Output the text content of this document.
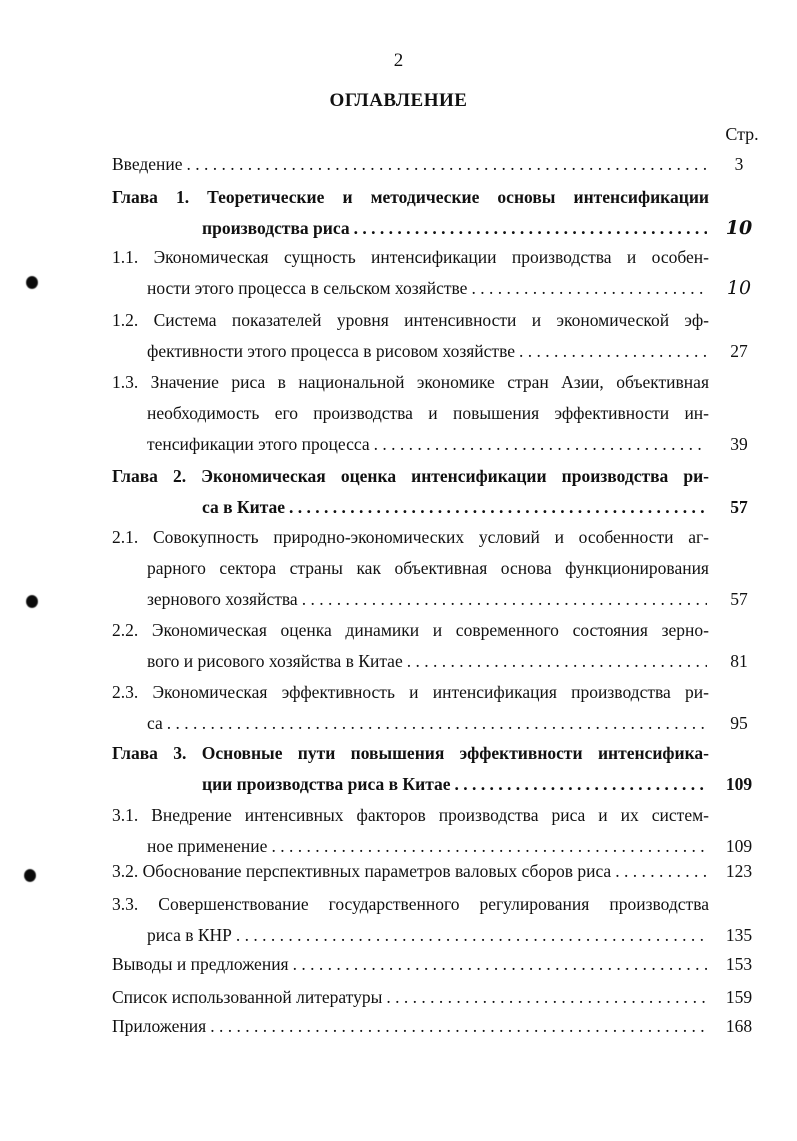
2
ОГЛАВЛЕНИЕ
Стр.
Введение . . .	3
Глава 1. Теоретические и методические основы интенсификации
производства риса . . .	10
1.1. Экономическая сущность интенсификации производства и особен-
ности этого процесса в сельском хозяйстве . . .	10
1.2. Система показателей уровня интенсивности и экономической эф-
фективности этого процесса в рисовом хозяйстве . . .	27
1.3. Значение риса в национальной экономике стран Азии, объективная
необходимость его производства и повышения эффективности ин-
тенсификации этого процесса . . .	39
Глава 2. Экономическая оценка интенсификации производства ри-
са в Китае . . .	57
2.1. Совокупность природно-экономических условий и особенности аг-
рарного сектора страны как объективная основа функционирования
зернового хозяйства . . .	57
2.2. Экономическая оценка динамики и современного состояния зерно-
вого и рисового хозяйства в Китае . . .	81
2.3. Экономическая эффективность и интенсификация производства ри-
са . . .	95
Глава 3. Основные пути повышения эффективности интенсифика-
ции производства риса в Китае . . .	109
3.1. Внедрение интенсивных факторов производства риса и их систем-
ное применение . . .	109
3.2. Обоснование перспективных параметров валовых сборов риса . . .	123
3.3. Совершенствование государственного регулирования производства
риса в КНР . . .	135
Выводы и предложения . . .	153
Список использованной литературы . . .	159
Приложения . . .	168
